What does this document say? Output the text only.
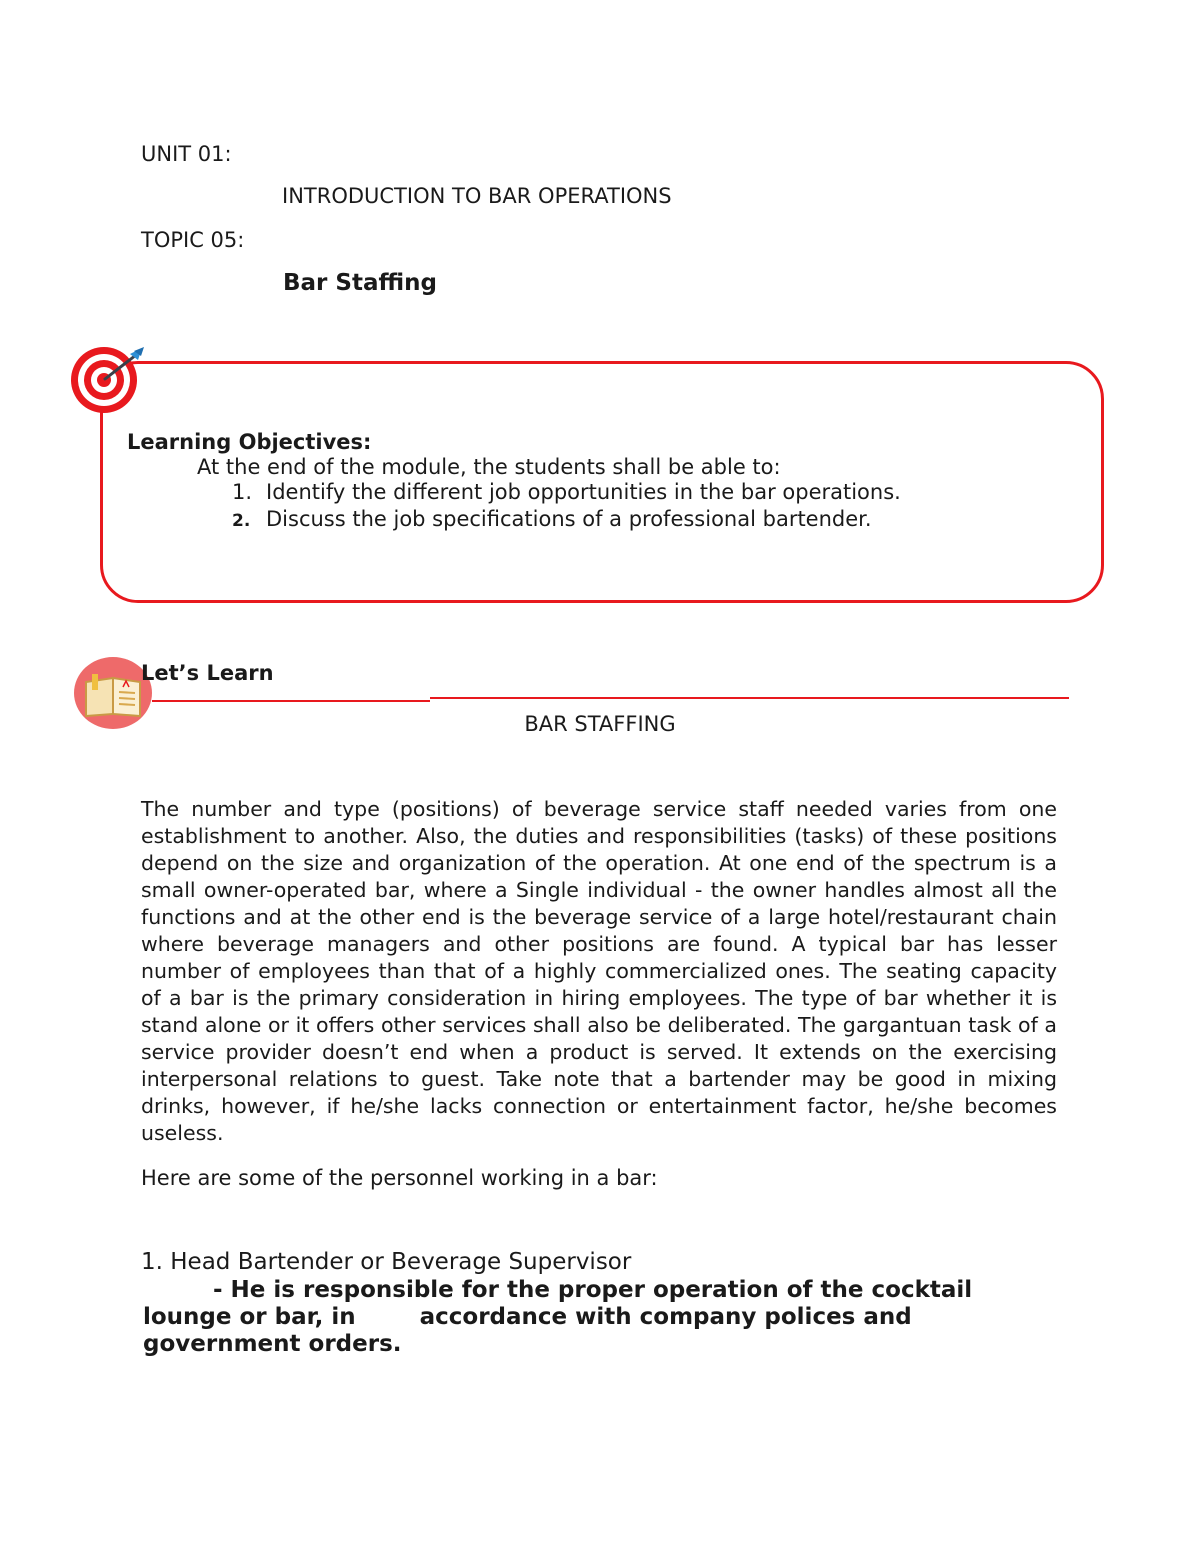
UNIT 01:
INTRODUCTION TO BAR OPERATIONS
TOPIC 05:
Bar Staffing
Learning Objectives:
At the end of the module, the students shall be able to:
1. Identify the different job opportunities in the bar operations.
2. Discuss the job specifications of a professional bartender.
Let’s Learn
BAR STAFFING

The number and type (positions) of beverage service staff needed varies from one establishment to another. Also, the duties and responsibilities (tasks) of these positions depend on the size and organization of the operation. At one end of the spectrum is a small owner-operated bar, where a Single individual - the owner handles almost all the functions and at the other end is the beverage service of a large hotel/restaurant chain where beverage managers and other positions are found. A typical bar has lesser number of employees than that of a highly commercialized ones. The seating capacity of a bar is the primary consideration in hiring employees. The type of bar whether it is stand alone or it offers other services shall also be deliberated. The gargantuan task of a service provider doesn’t end when a product is served. It extends on the exercising interpersonal relations to guest. Take note that a bartender may be good in mixing drinks, however, if he/she lacks connection or entertainment factor, he/she becomes useless.

Here are some of the personnel working in a bar:
1. Head Bartender or Beverage Supervisor
- He is responsible for the proper operation of the cocktail lounge or bar, in	accordance with company polices and government orders.
